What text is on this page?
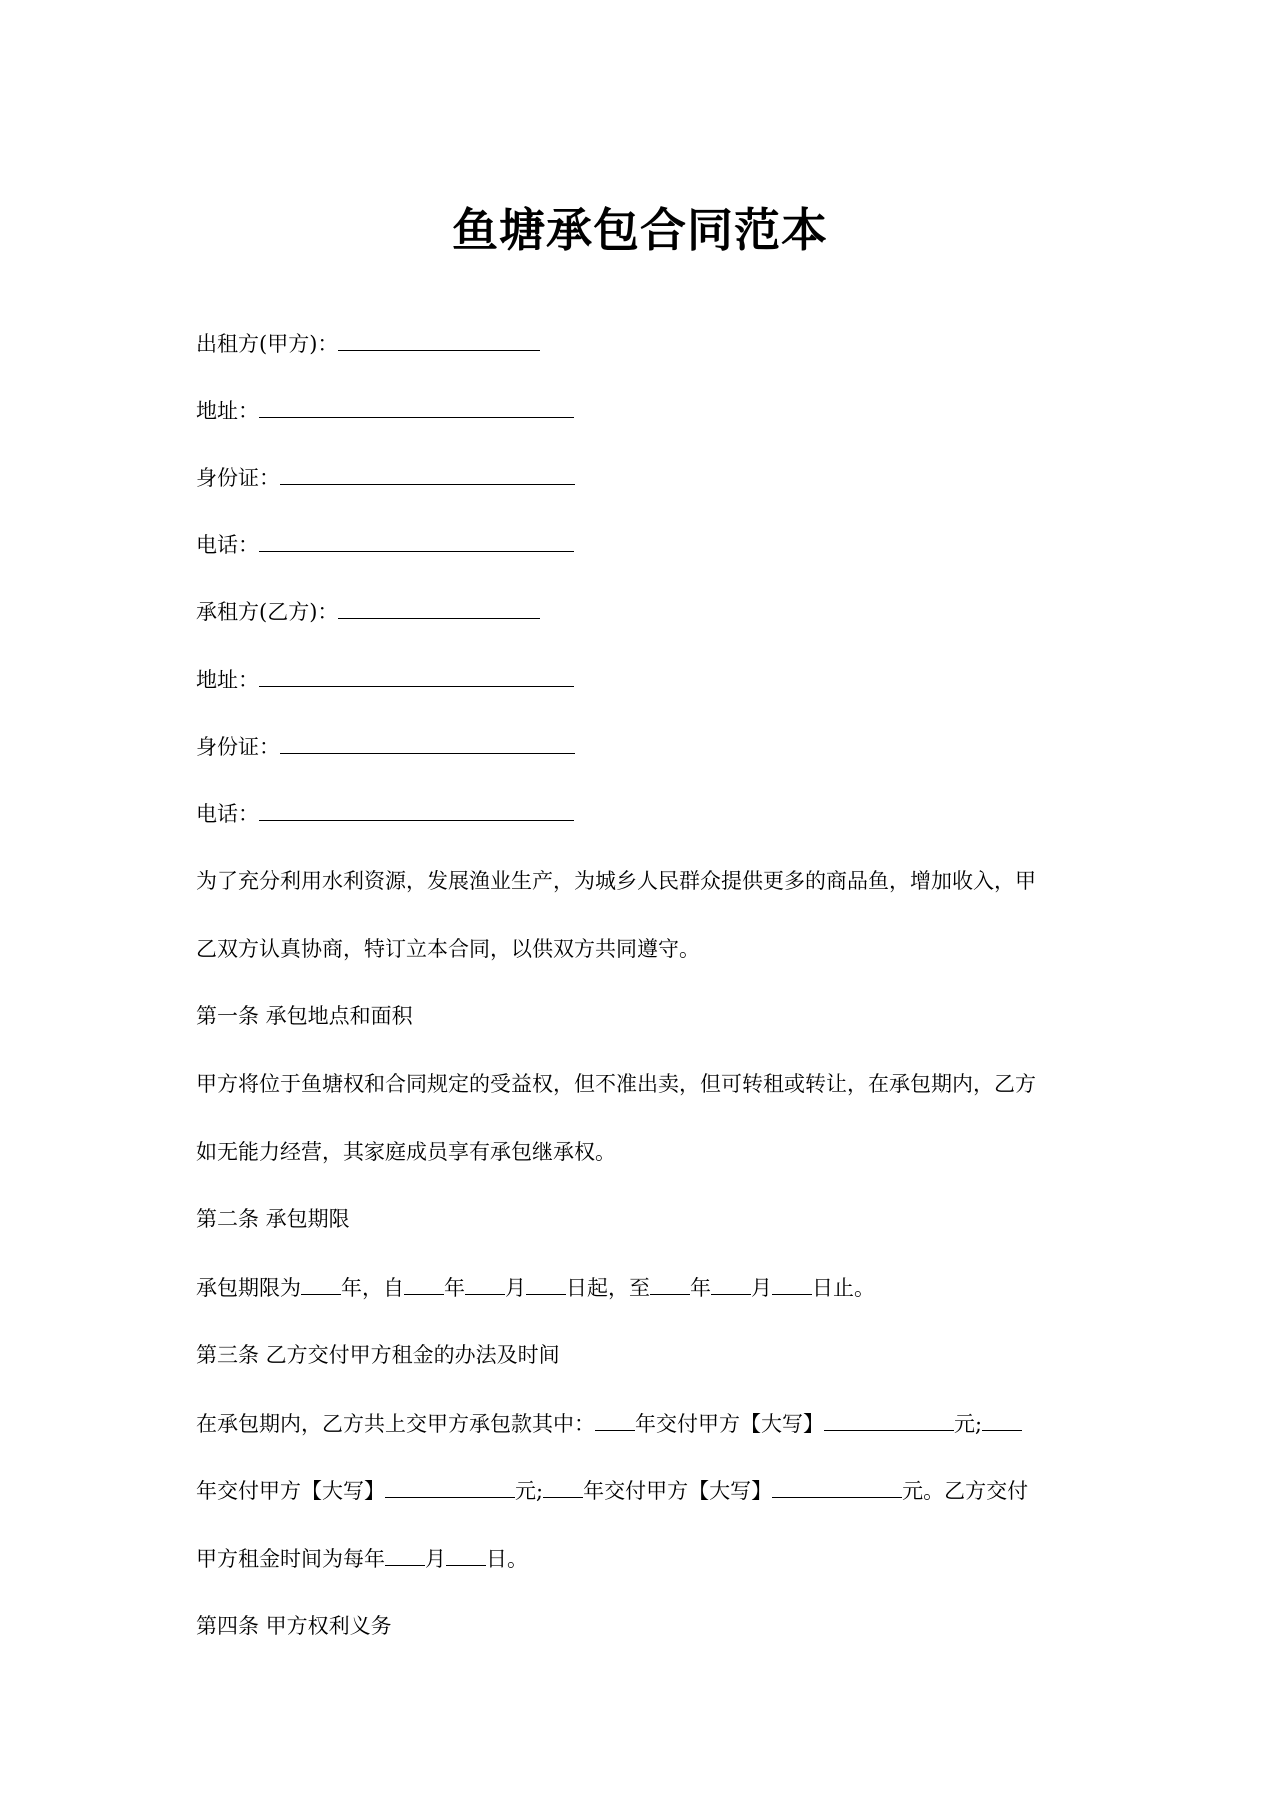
鱼塘承包合同范本
出租方(甲方)：
地址：
身份证：
电话：
承租方(乙方)：
地址：
身份证：
电话：
为了充分利用水利资源，发展渔业生产，为城乡人民群众提供更多的商品鱼，增加收入，甲
乙双方认真协商，特订立本合同，以供双方共同遵守。
第一条 承包地点和面积
甲方将位于鱼塘权和合同规定的受益权，但不准出卖，但可转租或转让，在承包期内，乙方
如无能力经营，其家庭成员享有承包继承权。
第二条 承包期限
承包期限为 年，自 年 月 日起，至 年 月 日止。
第三条 乙方交付甲方租金的办法及时间
在承包期内，乙方共上交甲方承包款其中： 年交付甲方【大写】	元;
年交付甲方【大写】	元; 年交付甲方【大写】	元。乙方交付
甲方租金时间为每年 月 日。
第四条 甲方权利义务
